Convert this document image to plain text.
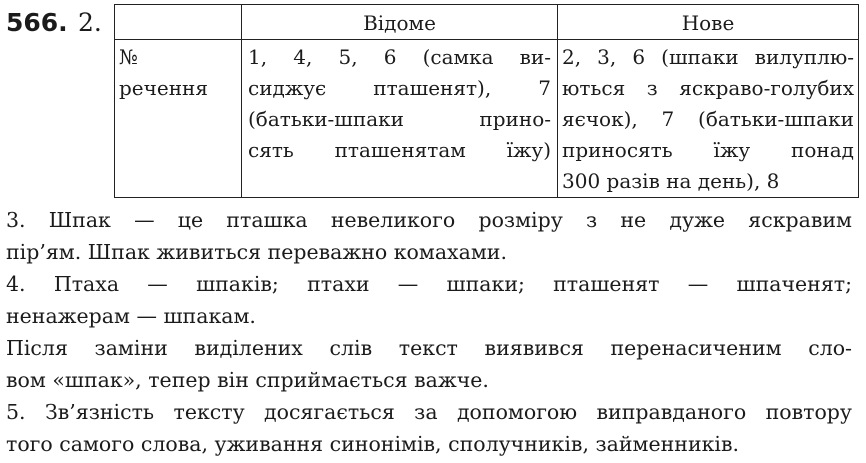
566. 2.
		Відоме	Нове

№
речення	1, 4, 5, 6 (самка ви-
сиджує пташенят), 7
(батьки-шпаки прино-
сять пташенятам їжу)	2, 3, 6 (шпаки вилуплю-
ються з яскраво-голубих
яєчок), 7 (батьки-шпаки
приносять їжу понад
300 разів на день), 8
3. Шпак — це пташка невеликого розміру з не дуже яскравим
пір’ям. Шпак живиться переважно комахами.
4. Птаха — шпаків; птахи — шпаки; пташенят — шпаченят;
ненажерам — шпакам.
Після заміни виділених слів текст виявився перенасиченим сло-
вом «шпак», тепер він сприймається важче.
5. Зв’язність тексту досягається за допомогою виправданого повтору
того самого слова, уживання синонімів, сполучників, займенників.
